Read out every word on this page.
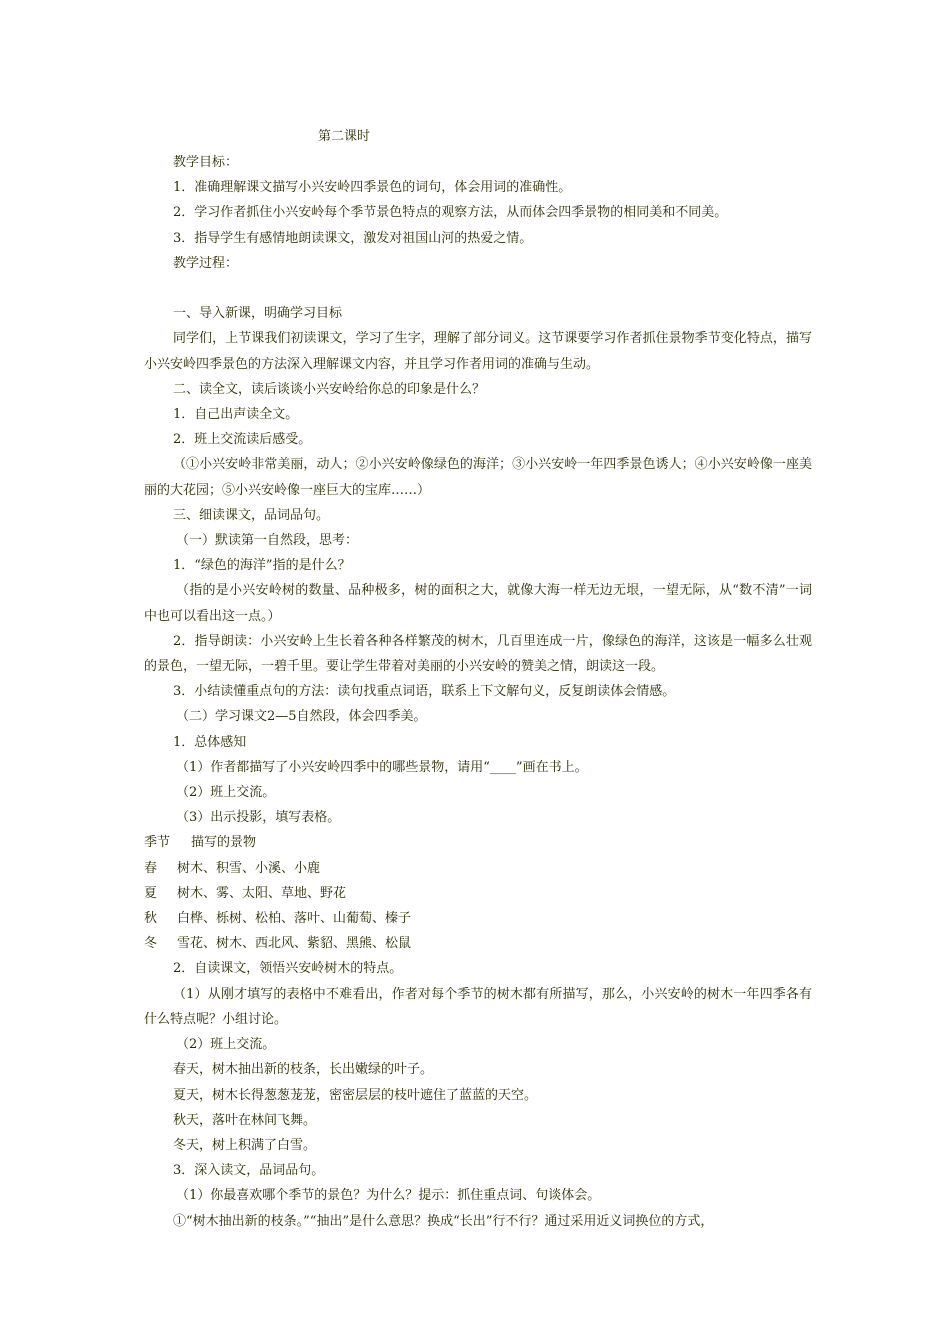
第二课时

教学目标：

1．准确理解课文描写小兴安岭四季景色的词句，体会用词的准确性。

2．学习作者抓住小兴安岭每个季节景色特点的观察方法，从而体会四季景物的相同美和不同美。

3．指导学生有感情地朗读课文，激发对祖国山河的热爱之情。

教学过程：

一、导入新课，明确学习目标

同学们，上节课我们初读课文，学习了生字，理解了部分词义。这节课要学习作者抓住景物季节变化特点，描写小兴安岭四季景色的方法深入理解课文内容，并且学习作者用词的准确与生动。

二、读全文，读后谈谈小兴安岭给你总的印象是什么？

1．自己出声读全文。

2．班上交流读后感受。

（①小兴安岭非常美丽，动人；②小兴安岭像绿色的海洋；③小兴安岭一年四季景色诱人；④小兴安岭像一座美丽的大花园；⑤小兴安岭像一座巨大的宝库……）

三、细读课文，品词品句。

（一）默读第一自然段，思考：

1．“绿色的海洋”指的是什么？

（指的是小兴安岭树的数量、品种极多，树的面积之大，就像大海一样无边无垠，一望无际，从“数不清”一词中也可以看出这一点。）

2．指导朗读：小兴安岭上生长着各种各样繁茂的树木，几百里连成一片，像绿色的海洋，这该是一幅多么壮观的景色，一望无际，一碧千里。要让学生带着对美丽的小兴安岭的赞美之情，朗读这一段。

3．小结读懂重点句的方法：读句找重点词语，联系上下文解句义，反复朗读体会情感。

（二）学习课文2—5自然段，体会四季美。

1．总体感知

（1）作者都描写了小兴安岭四季中的哪些景物，请用“____”画在书上。

（2）班上交流。

（3）出示投影，填写表格。

季节	描写的景物
春	树木、积雪、小溪、小鹿
夏	树木、雾、太阳、草地、野花
秋	白桦、栎树、松柏、落叶、山葡萄、榛子
冬	雪花、树木、西北风、紫貂、黑熊、松鼠

2．自读课文，领悟兴安岭树木的特点。

（1）从刚才填写的表格中不难看出，作者对每个季节的树木都有所描写，那么，小兴安岭的树木一年四季各有什么特点呢？小组讨论。

（2）班上交流。

春天，树木抽出新的枝条，长出嫩绿的叶子。

夏天，树木长得葱葱茏茏，密密层层的枝叶遮住了蓝蓝的天空。

秋天，落叶在林间飞舞。

冬天，树上积满了白雪。

3．深入读文，品词品句。

（1）你最喜欢哪个季节的景色？为什么？提示：抓住重点词、句谈体会。

①“树木抽出新的枝条。”“抽出”是什么意思？换成“长出”行不行？通过采用近义词换位的方式，
